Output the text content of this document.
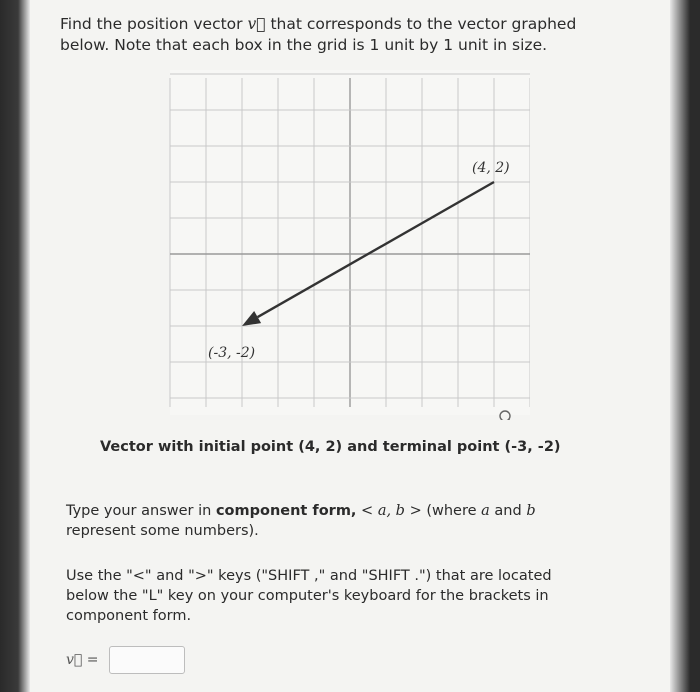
Find the position vector v⃗ that corresponds to the vector graphed below. Note that each box in the grid is 1 unit by 1 unit in size.
(4, 2)
(-3, -2)
Vector with initial point (4, 2) and terminal point (-3, -2)
Type your answer in component form, < a, b > (where a and b represent some numbers).
Use the "<" and ">" keys ("SHIFT ," and "SHIFT .") that are located below the "L" key on your computer's keyboard for the brackets in component form.
v⃗ =
